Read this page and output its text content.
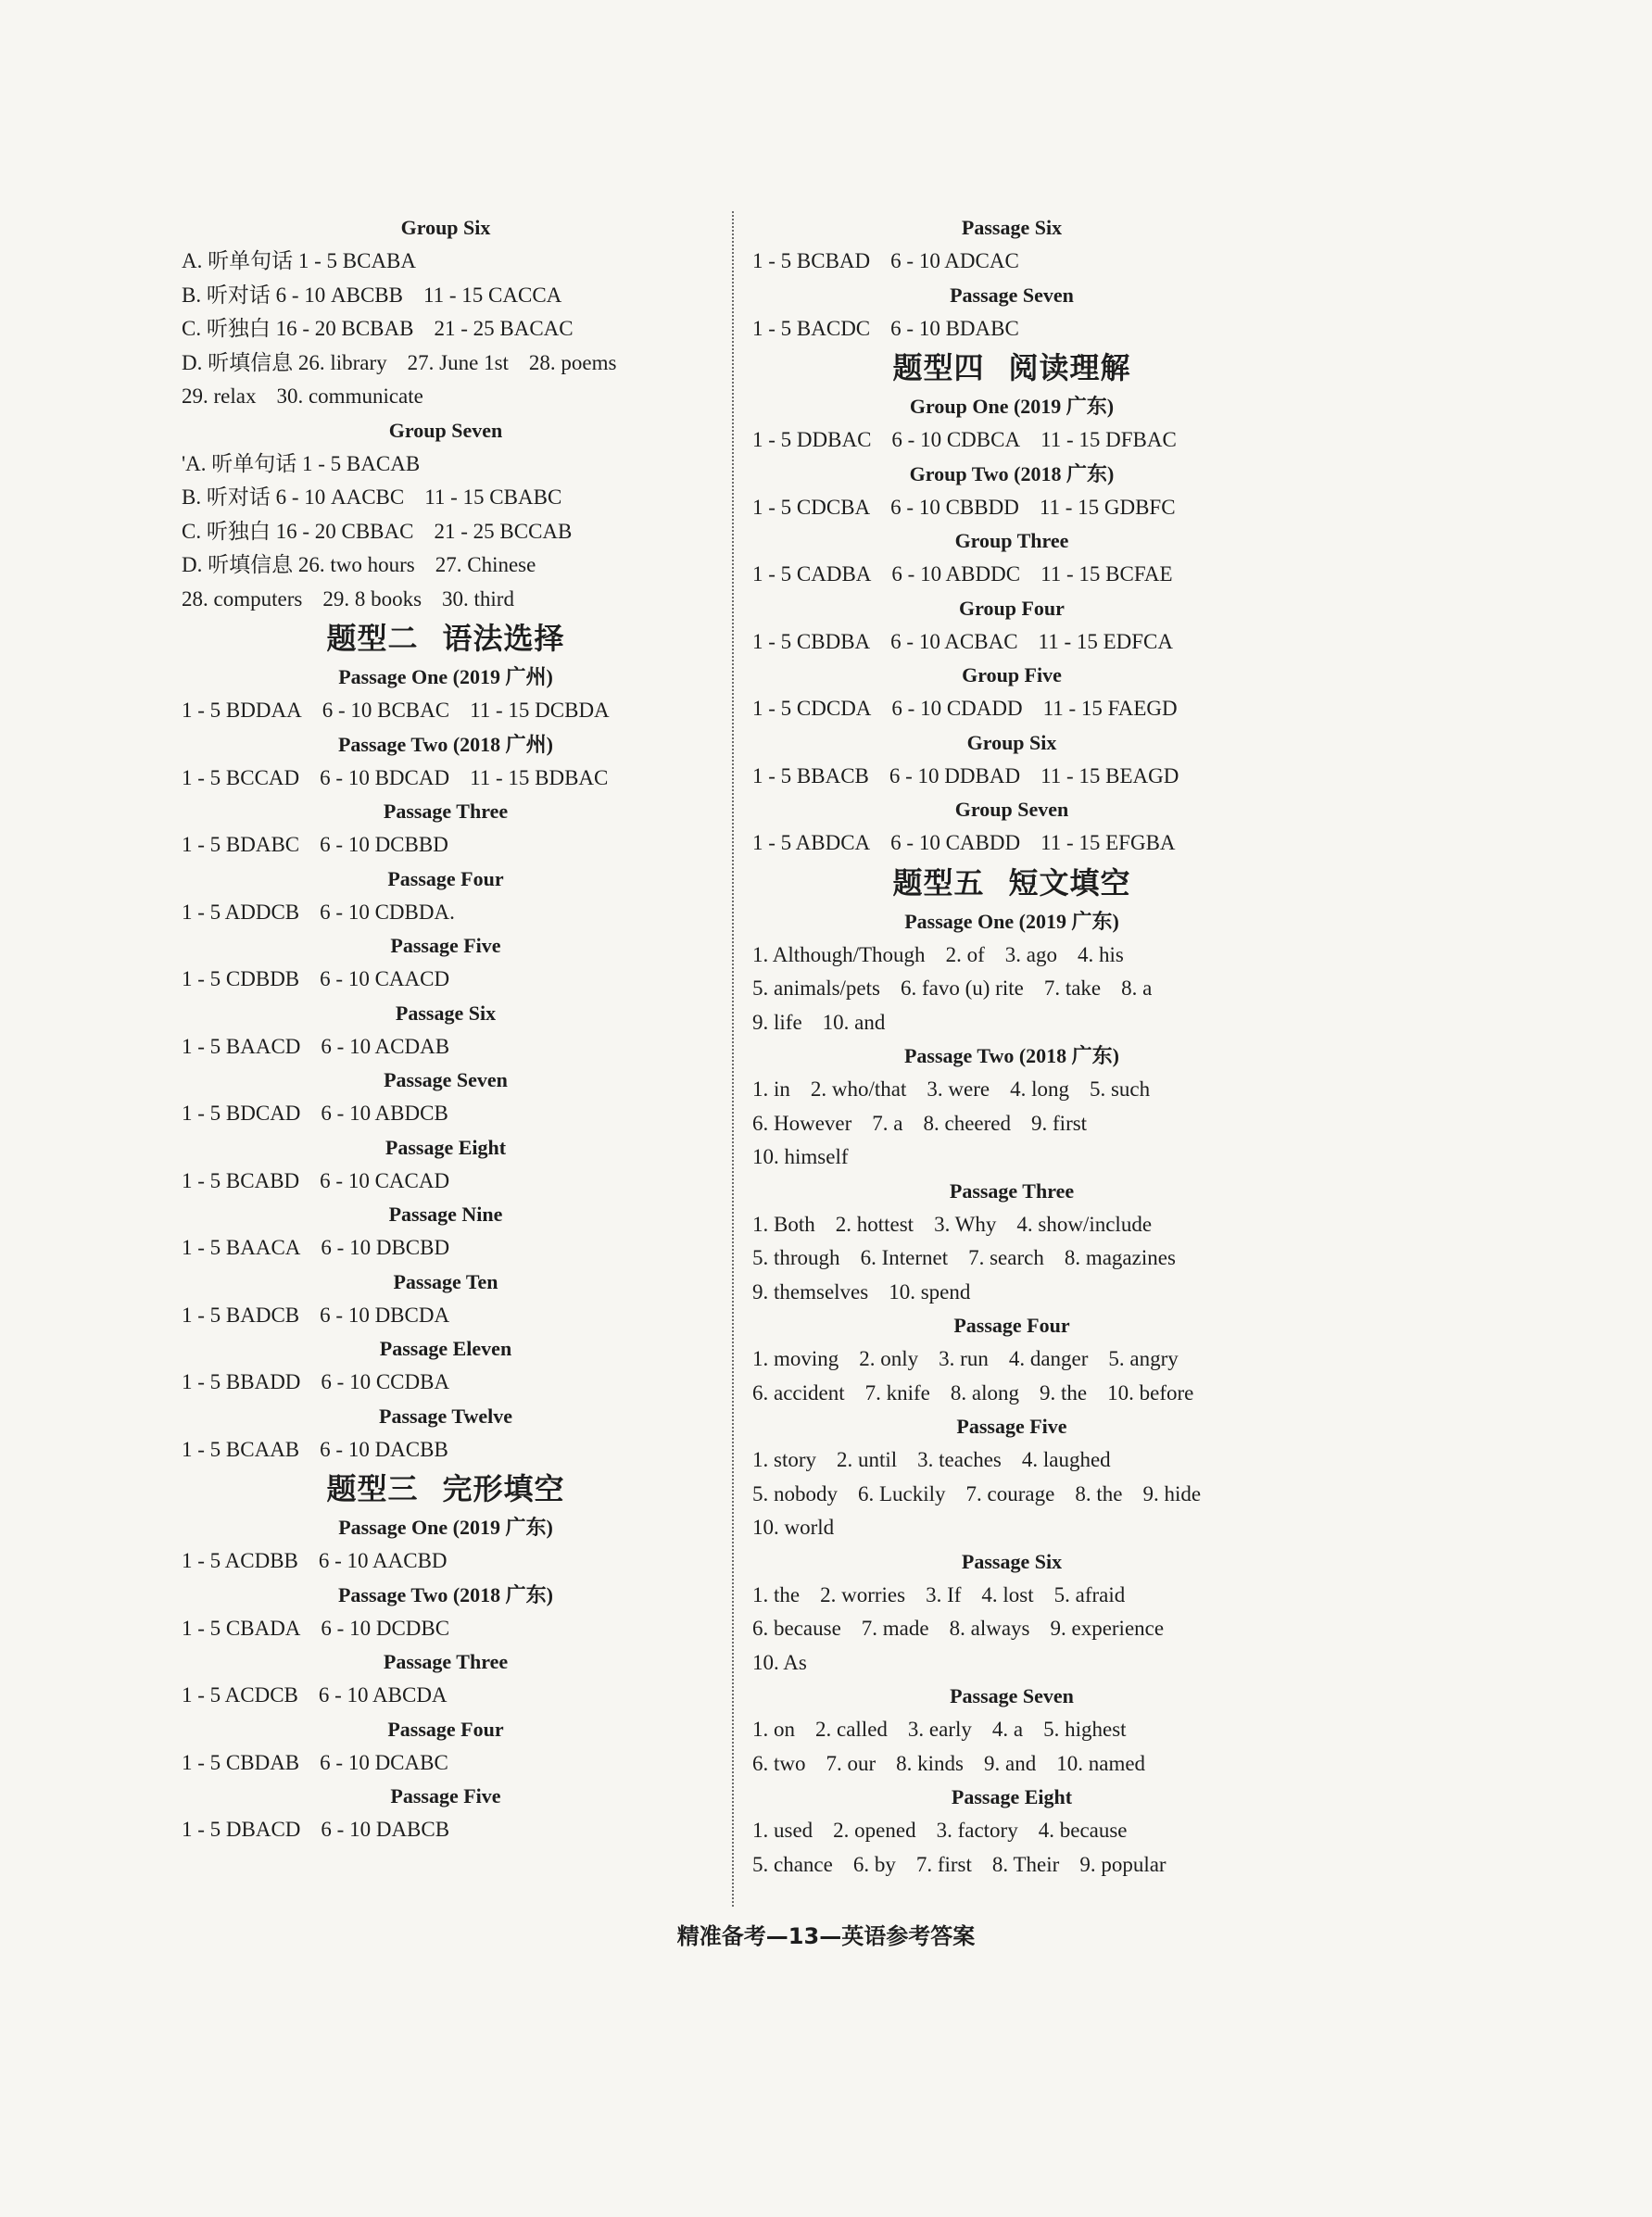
Group Six
A. 听单句话 1 - 5 BCABA
B. 听对话 6 - 10 ABCBB 11 - 15 CACCA
C. 听独白 16 - 20 BCBAB 21 - 25 BACAC
D. 听填信息 26. library 27. June 1st 28. poems
29. relax 30. communicate
Group Seven
'A. 听单句话 1 - 5 BACAB
B. 听对话 6 - 10 AACBC 11 - 15 CBABC
C. 听独白 16 - 20 CBBAC 21 - 25 BCCAB
D. 听填信息 26. two hours 27. Chinese
28. computers 29. 8 books 30. third
题型二 语法选择
Passage One (2019 广州)
1 - 5 BDDAA 6 - 10 BCBAC 11 - 15 DCBDA
Passage Two (2018 广州)
1 - 5 BCCAD 6 - 10 BDCAD 11 - 15 BDBAC
Passage Three
1 - 5 BDABC 6 - 10 DCBBD
Passage Four
1 - 5 ADDCB 6 - 10 CDBDA.
Passage Five
1 - 5 CDBDB 6 - 10 CAACD
Passage Six
1 - 5 BAACD 6 - 10 ACDAB
Passage Seven
1 - 5 BDCAD 6 - 10 ABDCB
Passage Eight
1 - 5 BCABD 6 - 10 CACAD
Passage Nine
1 - 5 BAACA 6 - 10 DBCBD
Passage Ten
1 - 5 BADCB 6 - 10 DBCDA
Passage Eleven
1 - 5 BBADD 6 - 10 CCDBA
Passage Twelve
1 - 5 BCAAB 6 - 10 DACBB
题型三 完形填空
Passage One (2019 广东)
1 - 5 ACDBB 6 - 10 AACBD
Passage Two (2018 广东)
1 - 5 CBADA 6 - 10 DCDBC
Passage Three
1 - 5 ACDCB 6 - 10 ABCDA
Passage Four
1 - 5 CBDAB 6 - 10 DCABC
Passage Five
1 - 5 DBACD 6 - 10 DABCB
Passage Six
1 - 5 BCBAD 6 - 10 ADCAC
Passage Seven
1 - 5 BACDC 6 - 10 BDABC
题型四 阅读理解
Group One (2019 广东)
1 - 5 DDBAC 6 - 10 CDBCA 11 - 15 DFBAC
Group Two (2018 广东)
1 - 5 CDCBA 6 - 10 CBBDD 11 - 15 GDBFC
Group Three
1 - 5 CADBA 6 - 10 ABDDC 11 - 15 BCFAE
Group Four
1 - 5 CBDBA 6 - 10 ACBAC 11 - 15 EDFCA
Group Five
1 - 5 CDCDA 6 - 10 CDADD 11 - 15 FAEGD
Group Six
1 - 5 BBACB 6 - 10 DDBAD 11 - 15 BEAGD
Group Seven
1 - 5 ABDCA 6 - 10 CABDD 11 - 15 EFGBA
题型五 短文填空
Passage One (2019 广东)
1. Although/Though 2. of 3. ago 4. his
5. animals/pets 6. favo (u) rite 7. take 8. a
9. life 10. and
Passage Two (2018 广东)
1. in 2. who/that 3. were 4. long 5. such
6. However 7. a 8. cheered 9. first
10. himself
Passage Three
1. Both 2. hottest 3. Why 4. show/include
5. through 6. Internet 7. search 8. magazines
9. themselves 10. spend
Passage Four
1. moving 2. only 3. run 4. danger 5. angry
6. accident 7. knife 8. along 9. the 10. before
Passage Five
1. story 2. until 3. teaches 4. laughed
5. nobody 6. Luckily 7. courage 8. the 9. hide
10. world
Passage Six
1. the 2. worries 3. If 4. lost 5. afraid
6. because 7. made 8. always 9. experience
10. As
Passage Seven
1. on 2. called 3. early 4. a 5. highest
6. two 7. our 8. kinds 9. and 10. named
Passage Eight
1. used 2. opened 3. factory 4. because
5. chance 6. by 7. first 8. Their 9. popular
精准备考—13—英语参考答案
